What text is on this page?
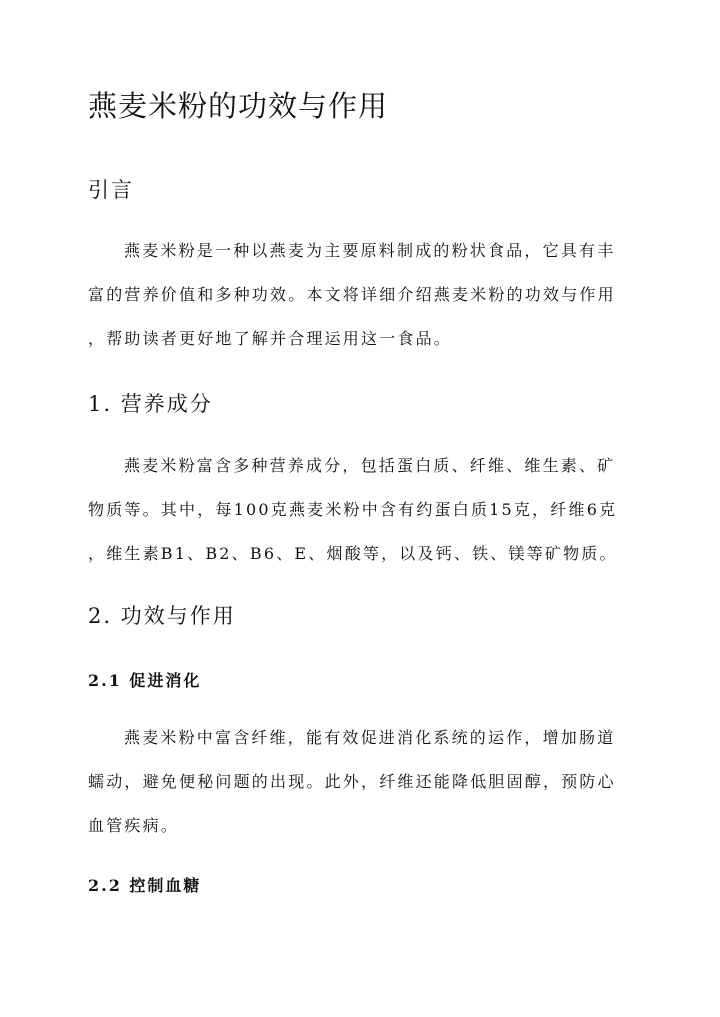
燕麦米粉的功效与作用
引言
燕麦米粉是一种以燕麦为主要原料制成的粉状食品，它具有丰
富的营养价值和多种功效。本文将详细介绍燕麦米粉的功效与作用
，帮助读者更好地了解并合理运用这一食品。
1. 营养成分
燕麦米粉富含多种营养成分，包括蛋白质、纤维、维生素、矿
物质等。其中，每100克燕麦米粉中含有约蛋白质15克，纤维6克
，维生素B1、B2、B6、E、烟酸等，以及钙、铁、镁等矿物质。
2. 功效与作用
2.1 促进消化
燕麦米粉中富含纤维，能有效促进消化系统的运作，增加肠道
蠕动，避免便秘问题的出现。此外，纤维还能降低胆固醇，预防心
血管疾病。
2.2 控制血糖
